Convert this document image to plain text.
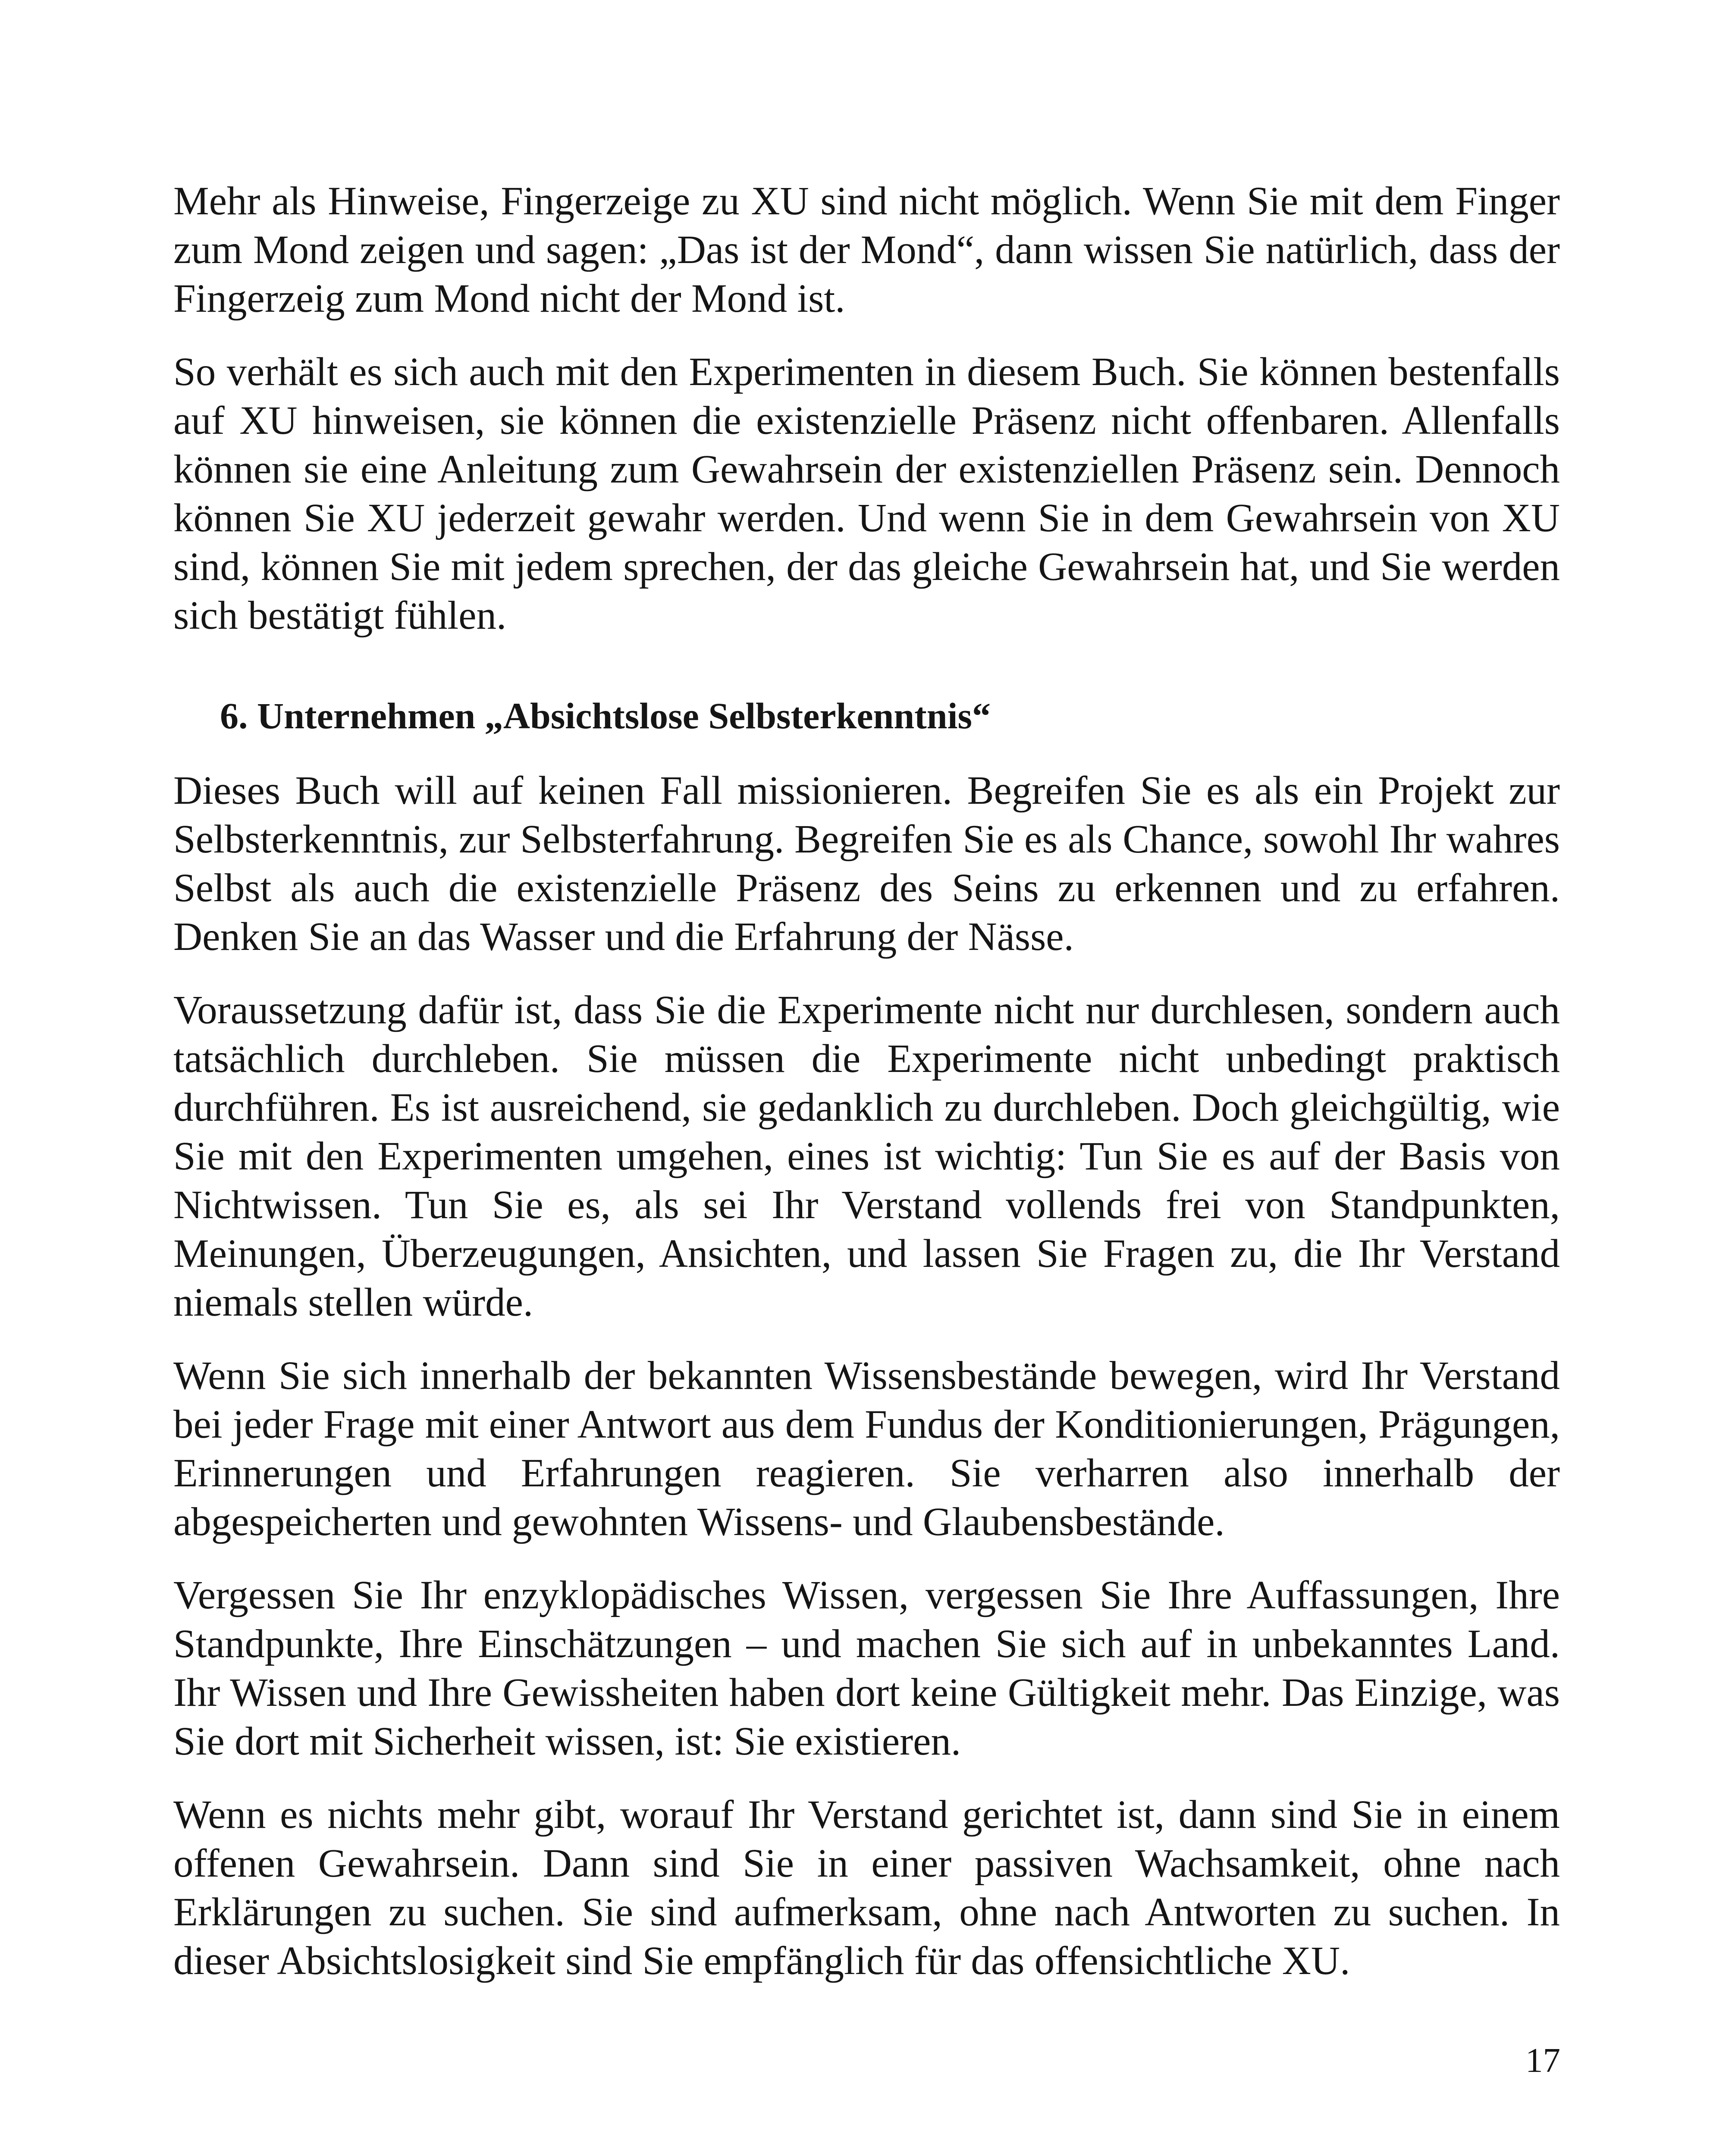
Mehr als Hinweise, Fingerzeige zu XU sind nicht möglich. Wenn Sie mit dem Finger zum Mond zeigen und sagen: „Das ist der Mond“, dann wissen Sie natürlich, dass der Fingerzeig zum Mond nicht der Mond ist.

So verhält es sich auch mit den Experimenten in diesem Buch. Sie können bestenfalls auf XU hinweisen, sie können die existenzielle Präsenz nicht offenbaren. Allenfalls können sie eine Anleitung zum Gewahrsein der existenziellen Präsenz sein. Dennoch können Sie XU jederzeit gewahr werden. Und wenn Sie in dem Gewahrsein von XU sind, können Sie mit jedem sprechen, der das gleiche Gewahrsein hat, und Sie werden sich bestätigt fühlen.

6. Unternehmen „Absichtslose Selbsterkenntnis“

Dieses Buch will auf keinen Fall missionieren. Begreifen Sie es als ein Projekt zur Selbsterkenntnis, zur Selbsterfahrung. Begreifen Sie es als Chance, sowohl Ihr wahres Selbst als auch die existenzielle Präsenz des Seins zu erkennen und zu erfahren. Denken Sie an das Wasser und die Erfahrung der Nässe.

Voraussetzung dafür ist, dass Sie die Experimente nicht nur durchlesen, sondern auch tatsächlich durchleben. Sie müssen die Experimente nicht unbedingt praktisch durchführen. Es ist ausreichend, sie gedanklich zu durchleben. Doch gleichgültig, wie Sie mit den Experimenten umgehen, eines ist wichtig: Tun Sie es auf der Basis von Nichtwissen. Tun Sie es, als sei Ihr Verstand vollends frei von Standpunkten, Meinungen, Überzeugungen, Ansichten, und lassen Sie Fragen zu, die Ihr Verstand niemals stellen würde.

Wenn Sie sich innerhalb der bekannten Wissensbestände bewegen, wird Ihr Verstand bei jeder Frage mit einer Antwort aus dem Fundus der Konditionierungen, Prägungen, Erinnerungen und Erfahrungen reagieren. Sie verharren also innerhalb der abgespeicherten und gewohnten Wissens- und Glaubensbestände.

Vergessen Sie Ihr enzyklopädisches Wissen, vergessen Sie Ihre Auffassungen, Ihre Standpunkte, Ihre Einschätzungen – und machen Sie sich auf in unbekanntes Land. Ihr Wissen und Ihre Gewissheiten haben dort keine Gültigkeit mehr. Das Einzige, was Sie dort mit Sicherheit wissen, ist: Sie existieren.

Wenn es nichts mehr gibt, worauf Ihr Verstand gerichtet ist, dann sind Sie in einem offenen Gewahrsein. Dann sind Sie in einer passiven Wachsamkeit, ohne nach Erklärungen zu suchen. Sie sind aufmerksam, ohne nach Antworten zu suchen. In dieser Absichtslosigkeit sind Sie empfänglich für das offensichtliche XU.

17
